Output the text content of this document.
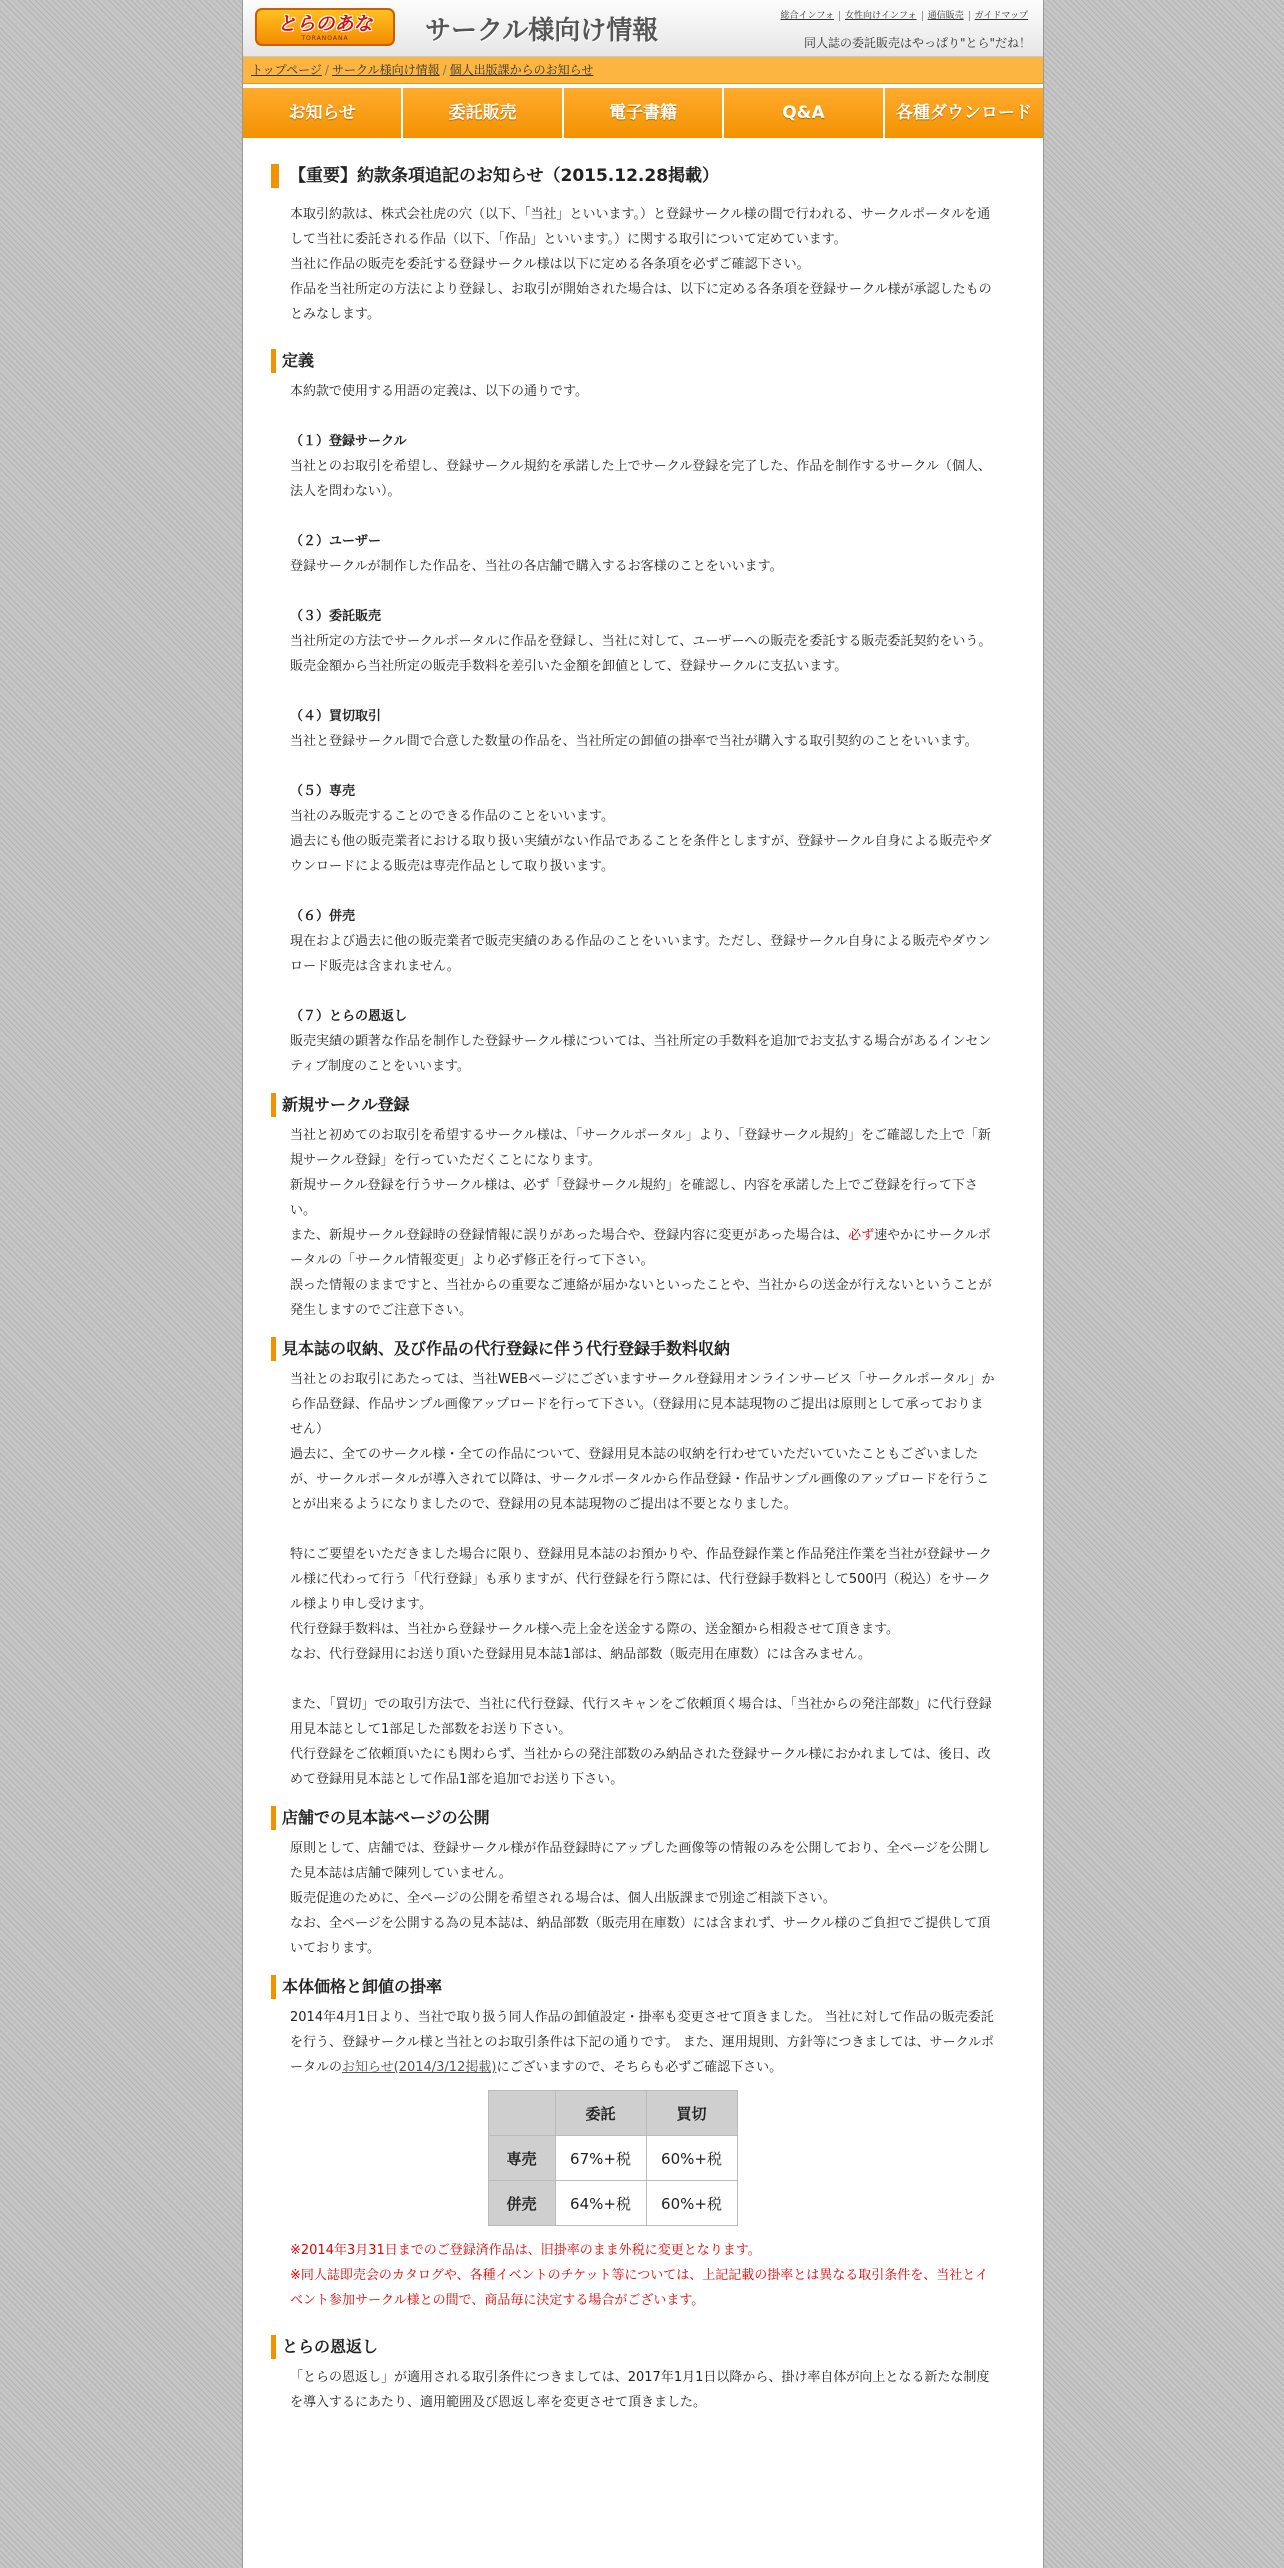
とらのあな
TORANOANA	サークル様向け情報	総合インフォ 女性向けインフォ 通信販売 ガイドマップ
同人誌の委託販売はやっぱり"とら"だね！
トップページ / サークル様向け情報 / 個人出版課からのお知らせ
お知らせ	委託販売	電子書籍	Q&A	各種ダウンロード
【重要】約款条項追記のお知らせ（2015.12.28掲載）

本取引約款は、株式会社虎の穴（以下、「当社」といいます。）と登録サークル様の間で行われる、サークルポータルを通して当社に委託される作品（以下、「作品」といいます。）に関する取引について定めています。

当社に作品の販売を委託する登録サークル様は以下に定める各条項を必ずご確認下さい。

作品を当社所定の方法により登録し、お取引が開始された場合は、以下に定める各条項を登録サークル様が承認したものとみなします。

定義

本約款で使用する用語の定義は、以下の通りです。

（１）登録サークル

当社とのお取引を希望し、登録サークル規約を承諾した上でサークル登録を完了した、作品を制作するサークル（個人、法人を問わない）。

（２）ユーザー

登録サークルが制作した作品を、当社の各店舗で購入するお客様のことをいいます。

（３）委託販売

当社所定の方法でサークルポータルに作品を登録し、当社に対して、ユーザーへの販売を委託する販売委託契約をいう。

販売金額から当社所定の販売手数料を差引いた金額を卸値として、登録サークルに支払います。

（４）買切取引

当社と登録サークル間で合意した数量の作品を、当社所定の卸値の掛率で当社が購入する取引契約のことをいいます。

（５）専売

当社のみ販売することのできる作品のことをいいます。

過去にも他の販売業者における取り扱い実績がない作品であることを条件としますが、登録サークル自身による販売やダウンロードによる販売は専売作品として取り扱います。

（６）併売

現在および過去に他の販売業者で販売実績のある作品のことをいいます。ただし、登録サークル自身による販売やダウンロード販売は含まれません。

（７）とらの恩返し

販売実績の顕著な作品を制作した登録サークル様については、当社所定の手数料を追加でお支払する場合があるインセンティブ制度のことをいいます。

新規サークル登録

当社と初めてのお取引を希望するサークル様は、「サークルポータル」より、「登録サークル規約」をご確認した上で「新規サークル登録」を行っていただくことになります。

新規サークル登録を行うサークル様は、必ず「登録サークル規約」を確認し、内容を承諾した上でご登録を行って下さい。

また、新規サークル登録時の登録情報に誤りがあった場合や、登録内容に変更があった場合は、必ず速やかにサークルポータルの「サークル情報変更」より必ず修正を行って下さい。

誤った情報のままですと、当社からの重要なご連絡が届かないといったことや、当社からの送金が行えないということが発生しますのでご注意下さい。

見本誌の収納、及び作品の代行登録に伴う代行登録手数料収納

当社とのお取引にあたっては、当社WEBページにございますサークル登録用オンラインサービス「サークルポータル」から作品登録、作品サンプル画像アップロードを行って下さい。（登録用に見本誌現物のご提出は原則として承っておりません）

過去に、全てのサークル様・全ての作品について、登録用見本誌の収納を行わせていただいていたこともございましたが、サークルポータルが導入されて以降は、サークルポータルから作品登録・作品サンプル画像のアップロードを行うことが出来るようになりましたので、登録用の見本誌現物のご提出は不要となりました。

特にご要望をいただきました場合に限り、登録用見本誌のお預かりや、作品登録作業と作品発注作業を当社が登録サークル様に代わって行う「代行登録」も承りますが、代行登録を行う際には、代行登録手数料として500円（税込）をサークル様より申し受けます。

代行登録手数料は、当社から登録サークル様へ売上金を送金する際の、送金額から相殺させて頂きます。

なお、代行登録用にお送り頂いた登録用見本誌1部は、納品部数（販売用在庫数）には含みません。

また、「買切」での取引方法で、当社に代行登録、代行スキャンをご依頼頂く場合は、「当社からの発注部数」に代行登録用見本誌として1部足した部数をお送り下さい。

代行登録をご依頼頂いたにも関わらず、当社からの発注部数のみ納品された登録サークル様におかれましては、後日、改めて登録用見本誌として作品1部を追加でお送り下さい。

店舗での見本誌ページの公開

原則として、店舗では、登録サークル様が作品登録時にアップした画像等の情報のみを公開しており、全ページを公開した見本誌は店舗で陳列していません。

販売促進のために、全ページの公開を希望される場合は、個人出版課まで別途ご相談下さい。

なお、全ページを公開する為の見本誌は、納品部数（販売用在庫数）には含まれず、サークル様のご負担でご提供して頂いております。

本体価格と卸値の掛率

2014年4月1日より、当社で取り扱う同人作品の卸値設定・掛率も変更させて頂きました。 当社に対して作品の販売委託を行う、登録サークル様と当社とのお取引条件は下記の通りです。 また、運用規則、方針等につきましては、サークルポータルのお知らせ(2014/3/12掲載)にございますので、そちらも必ずご確認下さい。

	委託	買切
専売	67%+税	60%+税
併売	64%+税	60%+税

※2014年3月31日までのご登録済作品は、旧掛率のまま外税に変更となります。

※同人誌即売会のカタログや、各種イベントのチケット等については、上記記載の掛率とは異なる取引条件を、当社とイベント参加サークル様との間で、商品毎に決定する場合がございます。

とらの恩返し

「とらの恩返し」が適用される取引条件につきましては、2017年1月1日以降から、掛け率自体が向上となる新たな制度を導入するにあたり、適用範囲及び恩返し率を変更させて頂きました。
